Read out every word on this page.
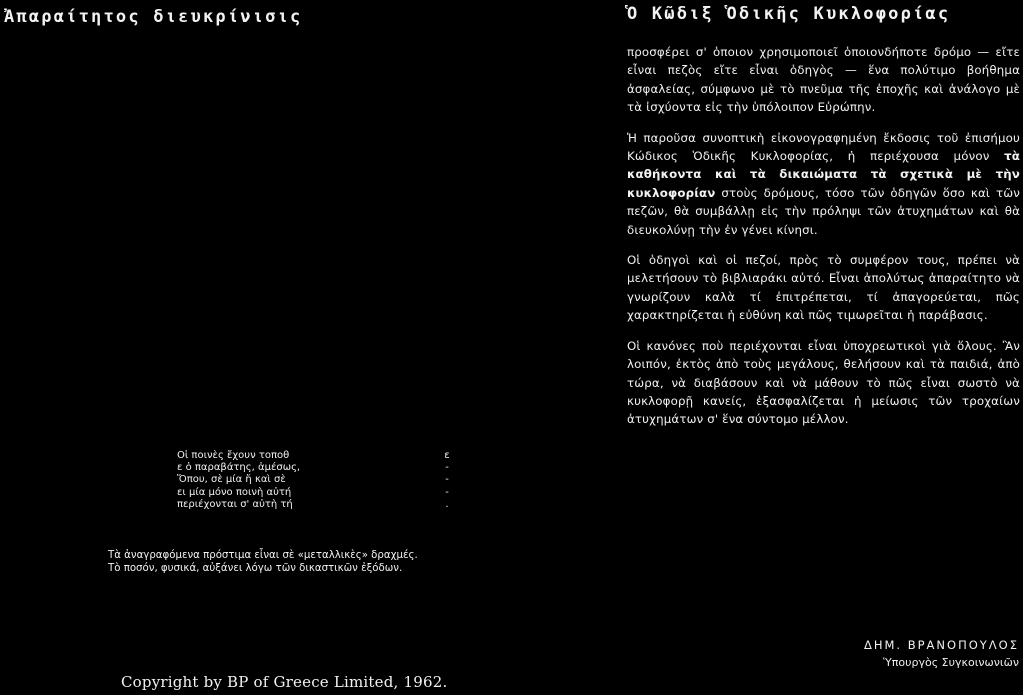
Ἀπαραίτητος διευκρίνισις
Οἱ ποινὲς ἔχουν τοποθ
ε ὁ παραβάτης, ἀμέσως,
Ὅπου, σὲ μία ἤ καὶ σὲ
ει μία μόνο ποινὴ αὐτή
περιέχονται σ' αὐτὴ τή
ε
-
-
-
.
Τὰ ἀναγραφόμενα πρόστιμα εἶναι σὲ «μεταλλικὲς» δραχμές.
Τὸ ποσόν, φυσικά, αὐξάνει λόγω τῶν δικαστικῶν ἐξόδων.
Copyright by BP of Greece Limited, 1962.
Ὁ Κῶδιξ Ὁδικῆς Κυκλοφορίας

προσφέρει σ' ὁποιον χρησιμοποιεῖ ὁποιονδήποτε δρόμο — εἴτε εἶναι πεζὸς εἴτε εἶναι ὁδηγὸς — ἕνα πολύτιμο βοήθημα ἀσφαλείας, σύμφωνο μὲ τὸ πνεῦμα τῆς ἐποχῆς καὶ ἀνάλογο μὲ τὰ ἰσχύοντα εἰς τὴν ὑπόλοιπον Εὐρώπην.

Ἡ παροῦσα συνοπτικὴ εἰκονογραφημένη ἔκδοσις τοῦ ἐπισήμου Κώδικος Ὁδικῆς Κυκλοφορίας, ἡ περιέχουσα μόνον τὰ καθήκοντα καὶ τὰ δικαιώματα τὰ σχετικὰ μὲ τὴν κυκλοφορίαν στοὺς δρόμους, τόσο τῶν ὁδηγῶν ὅσο καὶ τῶν πεζῶν, θὰ συμβάλλῃ εἰς τὴν πρόληψι τῶν ἀτυχημάτων καὶ θὰ διευκολύνῃ τὴν ἐν γένει κίνησι.

Οἱ ὁδηγοὶ καὶ οἱ πεζοί, πρὸς τὸ συμφέρον τους, πρέπει νὰ μελετήσουν τὸ βιβλιαράκι αὐτό. Εἶναι ἀπολύτως ἀπαραίτητο νὰ γνωρίζουν καλὰ τί ἐπιτρέπεται, τί ἀπαγορεύεται, πῶς χαρακτηρίζεται ἡ εὐθύνη καὶ πῶς τιμωρεῖται ἡ παράβασις.

Οἱ κανόνες ποὺ περιέχονται εἶναι ὑποχρεωτικοὶ γιὰ ὅλους. Ἂν λοιπόν, ἐκτὸς ἀπὸ τοὺς μεγάλους, θελήσουν καὶ τὰ παιδιά, ἀπὸ τώρα, νὰ διαβάσουν καὶ νὰ μάθουν τὸ πῶς εἶναι σωστὸ νὰ κυκλοφορῇ κανείς, ἐξασφαλίζεται ἡ μείωσις τῶν τροχαίων ἀτυχημάτων σ' ἕνα σύντομο μέλλον.

ΔΗΜ. ΒΡΑΝΟΠΟΥΛΟΣ
Ὑπουργὸς Συγκοινωνιῶν
